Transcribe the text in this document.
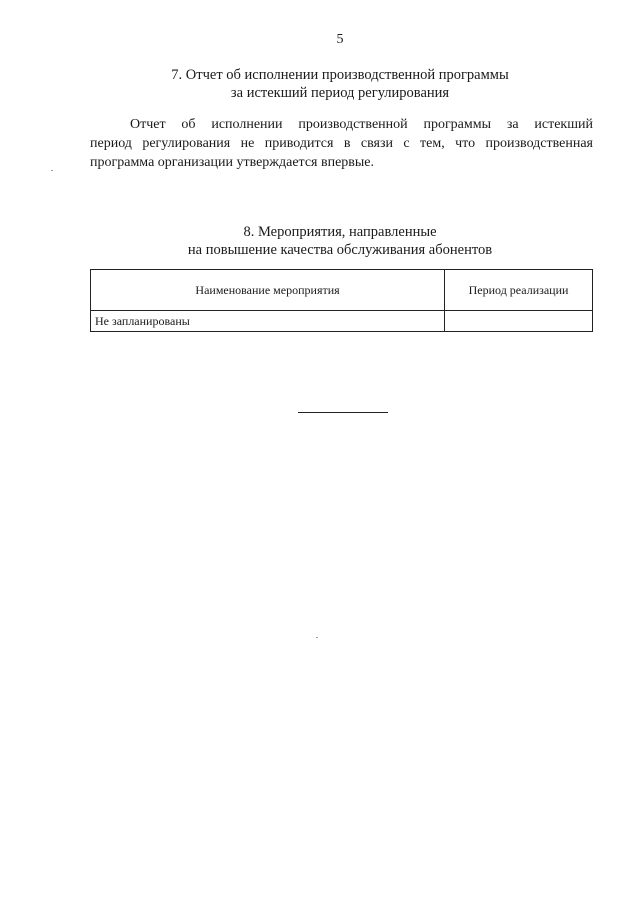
5
7. Отчет об исполнении производственной программы
за истекший период регулирования
Отчет об исполнении производственной программы за истекший
период регулирования не приводится в связи с тем, что производственная
программа организации утверждается впервые.
8. Мероприятия, направленные
на повышение качества обслуживания абонентов
Наименование мероприятия	Период реализации
Не запланированы	
